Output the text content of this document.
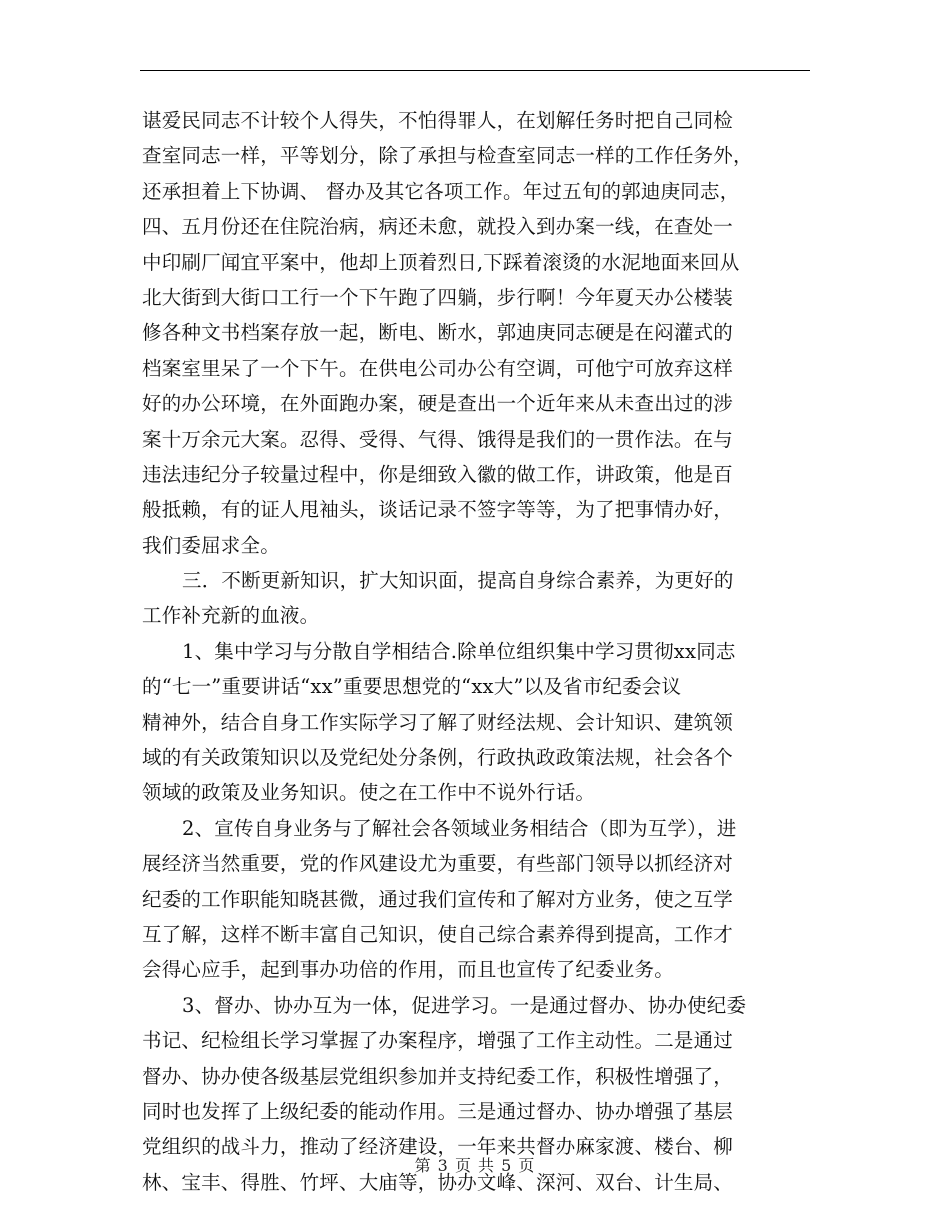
谌爱民同志不计较个人得失，不怕得罪人，在划解任务时把自己同检
查室同志一样，平等划分，除了承担与检查室同志一样的工作任务外，
还承担着上下协调、 督办及其它各项工作。年过五旬的郭迪庚同志，
四、五月份还在住院治病，病还未愈，就投入到办案一线，在查处一
中印刷厂闻宜平案中，他却上顶着烈日,下踩着滚烫的水泥地面来回从
北大街到大街口工行一个下午跑了四躺，步行啊！今年夏天办公楼装
修各种文书档案存放一起，断电、断水，郭迪庚同志硬是在闷灌式的
档案室里呆了一个下午。在供电公司办公有空调，可他宁可放弃这样
好的办公环境，在外面跑办案，硬是查出一个近年来从未查出过的涉
案十万余元大案。忍得、受得、气得、饿得是我们的一贯作法。在与
违法违纪分子较量过程中，你是细致入徽的做工作，讲政策，他是百
般抵赖，有的证人甩袖头，谈话记录不签字等等，为了把事情办好，
我们委屈求全。
三．不断更新知识，扩大知识面，提高自身综合素养，为更好的
工作补充新的血液。
1、集中学习与分散自学相结合.除单位组织集中学习贯彻xx同志
的“七一”重要讲话“xx”重要思想党的“xx大”以及省市纪委会议
精神外，结合自身工作实际学习了解了财经法规、会计知识、建筑领
域的有关政策知识以及党纪处分条例，行政执政政策法规，社会各个
领域的政策及业务知识。使之在工作中不说外行话。
2、宣传自身业务与了解社会各领域业务相结合（即为互学），进
展经济当然重要，党的作风建设尤为重要，有些部门领导以抓经济对
纪委的工作职能知晓甚微，通过我们宣传和了解对方业务，使之互学
互了解，这样不断丰富自己知识，使自己综合素养得到提高，工作才
会得心应手，起到事办功倍的作用，而且也宣传了纪委业务。
3、督办、协办互为一体，促进学习。一是通过督办、协办使纪委
书记、纪检组长学习掌握了办案程序，增强了工作主动性。二是通过
督办、协办使各级基层党组织参加并支持纪委工作，积极性增强了，
同时也发挥了上级纪委的能动作用。三是通过督办、协办增强了基层
党组织的战斗力，推动了经济建设，一年来共督办麻家渡、楼台、柳
林、宝丰、得胜、竹坪、大庙等，协办文峰、深河、双台、计生局、
第 3 页 共 5 页
